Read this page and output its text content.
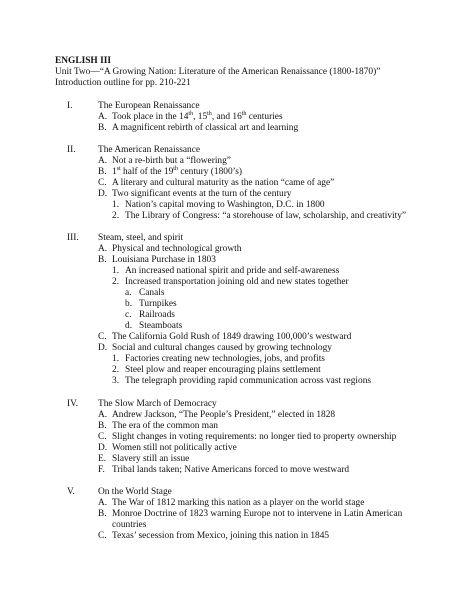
ENGLISH III
Unit Two—“A Growing Nation: Literature of the American Renaissance (1800-1870)”
Introduction outline for pp. 210-221
I.	The European Renaissance
A. Took place in the 14th, 15th, and 16th centuries
B. A magnificent rebirth of classical art and learning
II. The American Renaissance
A. Not a re-birth but a “flowering”
B. 1st half of the 19th century (1800’s)
C. A literary and cultural maturity as the nation “came of age”
D. Two significant events at the turn of the century
1. Nation’s capital moving to Washington, D.C. in 1800
2. The Library of Congress: “a storehouse of law, scholarship, and creativity”
III. Steam, steel, and spirit
A. Physical and technological growth
B. Louisiana Purchase in 1803
1. An increased national spirit and pride and self-awareness
2. Increased transportation joining old and new states together
a. Canals
b. Turnpikes
c. Railroads
d. Steamboats
C. The California Gold Rush of 1849 drawing 100,000’s westward
D. Social and cultural changes caused by growing technology
1. Factories creating new technologies, jobs, and profits
2. Steel plow and reaper encouraging plains settlement
3. The telegraph providing rapid communication across vast regions
IV. The Slow March of Democracy
A. Andrew Jackson, “The People’s President,” elected in 1828
B. The era of the common man
C. Slight changes in voting requirements: no longer tied to property ownership
D. Women still not politically active
E. Slavery still an issue
F. Tribal lands taken; Native Americans forced to move westward
V. On the World Stage
A. The War of 1812 marking this nation as a player on the world stage
B. Monroe Doctrine of 1823 warning Europe not to intervene in Latin American
countries
C. Texas’ secession from Mexico, joining this nation in 1845
